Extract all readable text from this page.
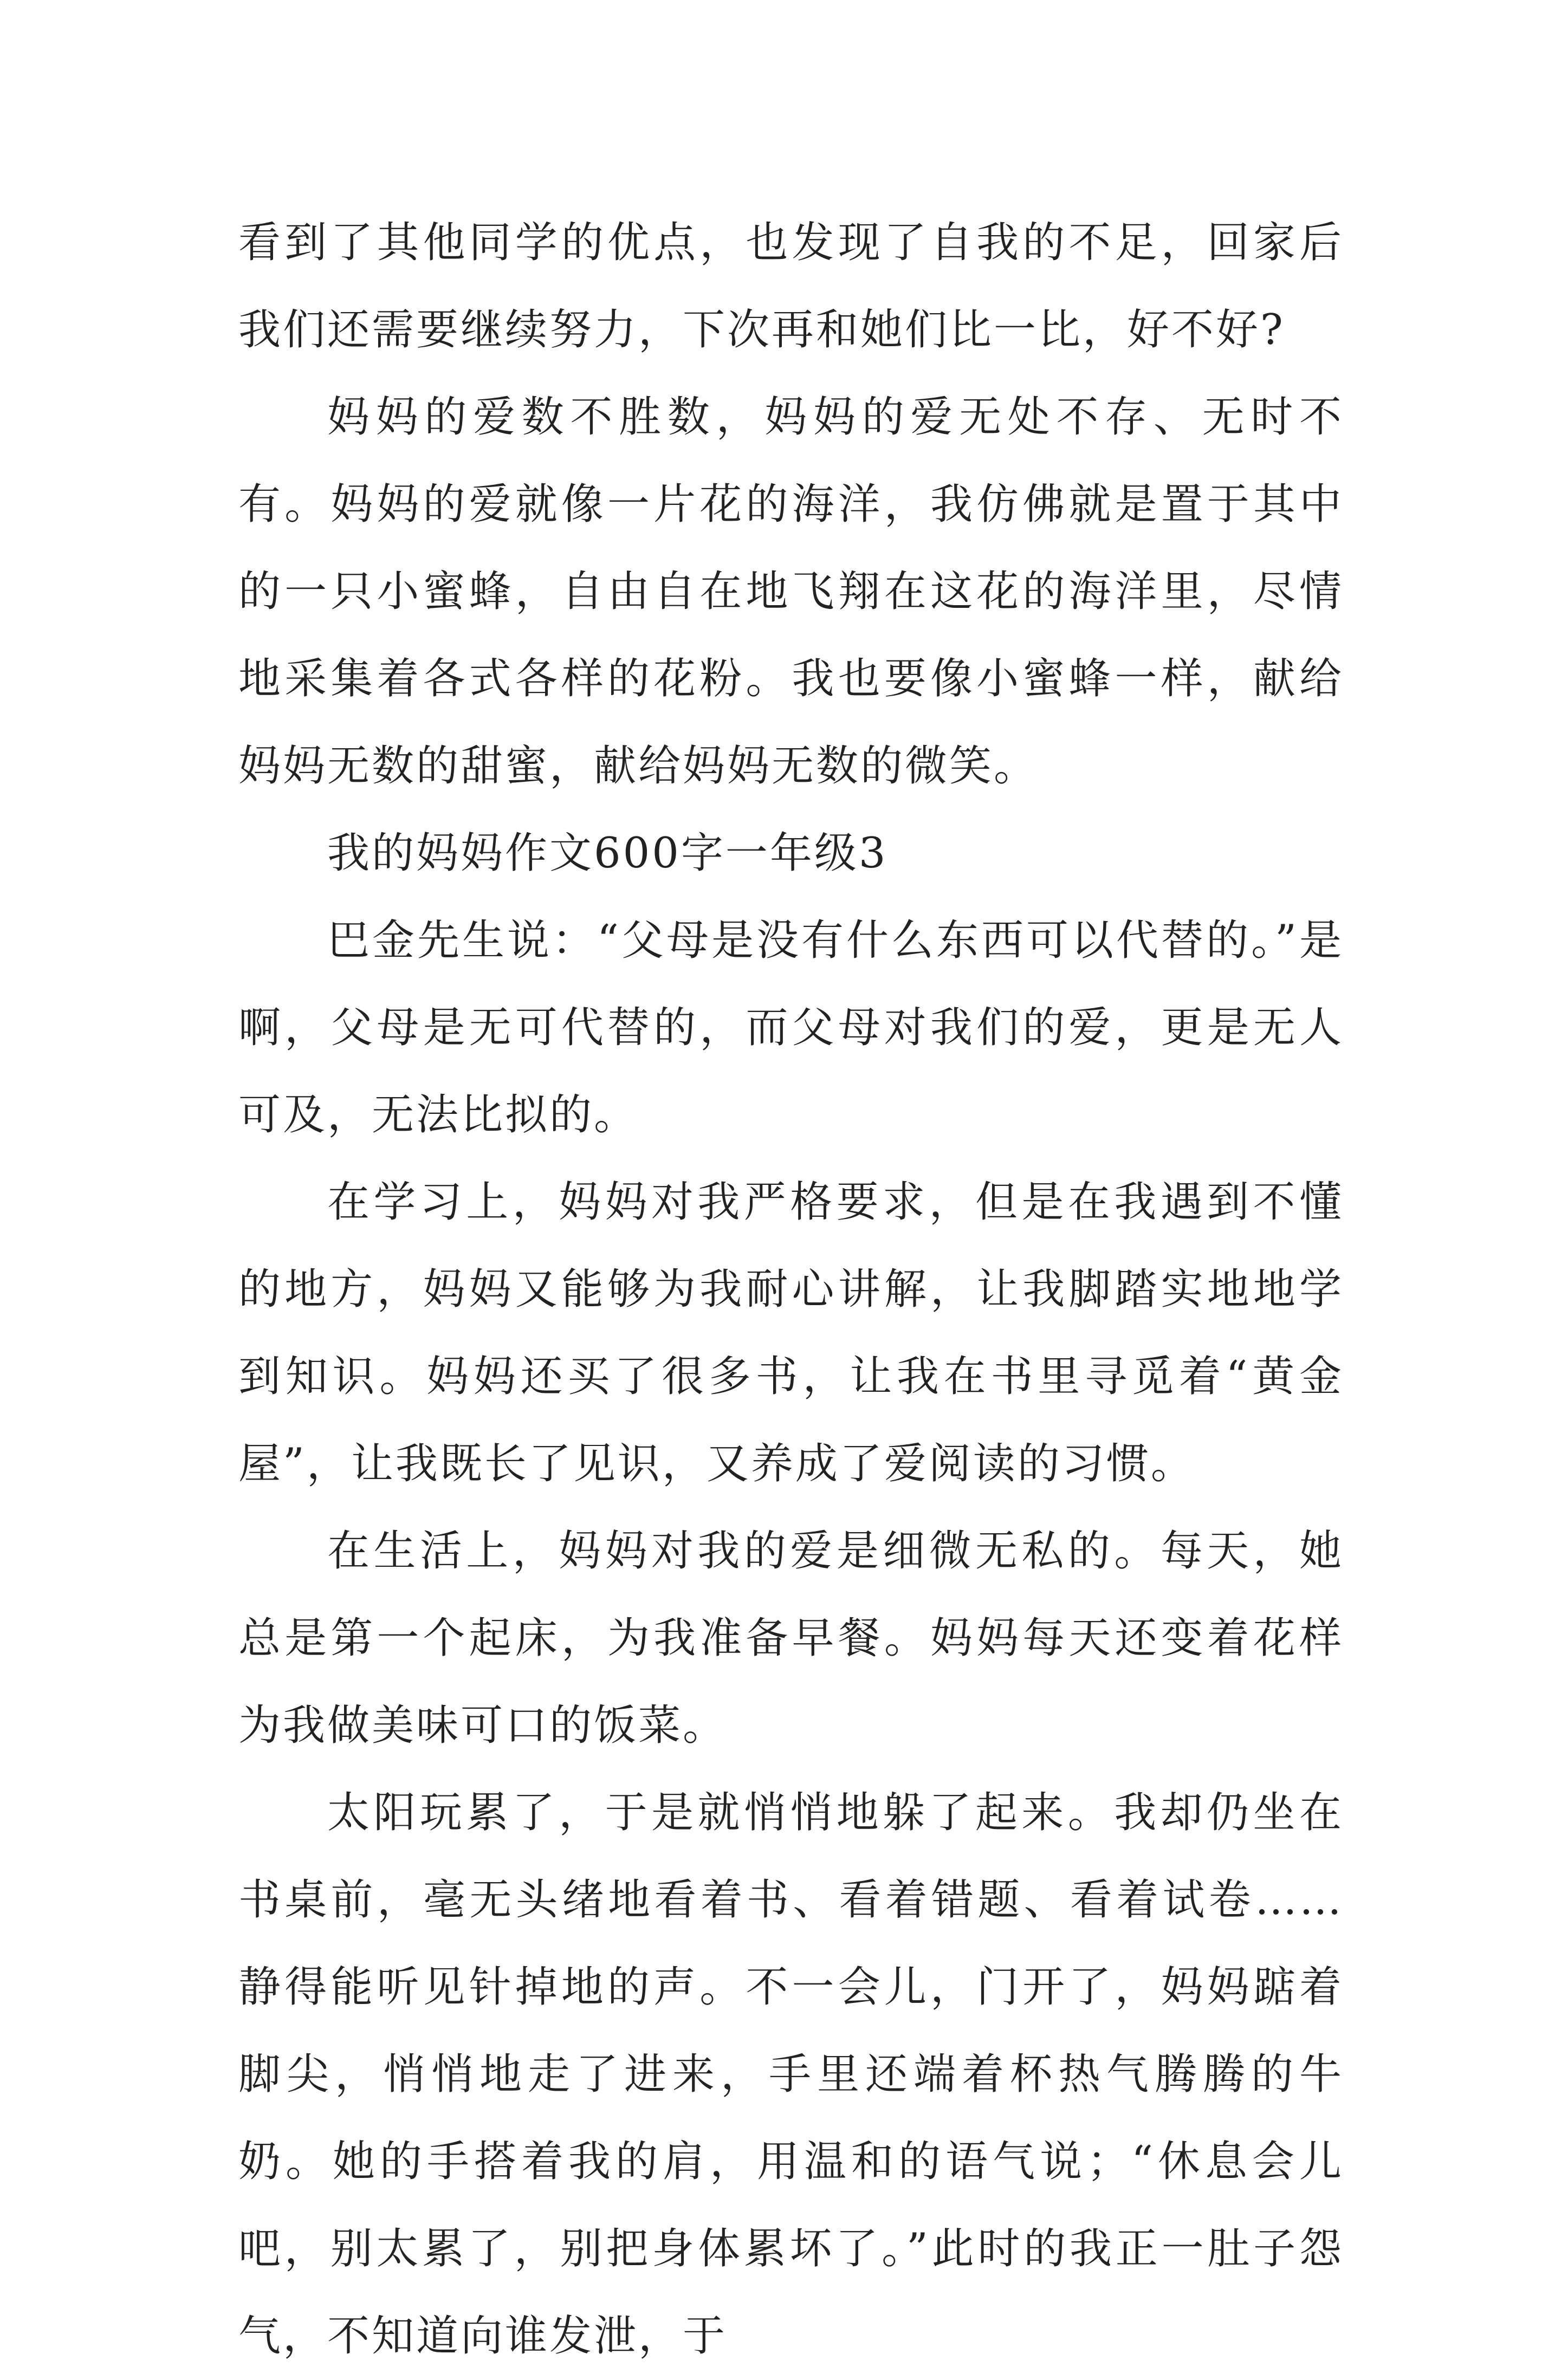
看到了其他同学的优点，也发现了自我的不足，回家后我们还需要继续努力，下次再和她们比一比，好不好?

妈妈的爱数不胜数，妈妈的爱无处不存、无时不有。妈妈的爱就像一片花的海洋，我仿佛就是置于其中的一只小蜜蜂，自由自在地飞翔在这花的海洋里，尽情地采集着各式各样的花粉。我也要像小蜜蜂一样，献给妈妈无数的甜蜜，献给妈妈无数的微笑。

我的妈妈作文600字一年级3

巴金先生说：“父母是没有什么东西可以代替的。”是啊，父母是无可代替的，而父母对我们的爱，更是无人可及，无法比拟的。

在学习上，妈妈对我严格要求，但是在我遇到不懂的地方，妈妈又能够为我耐心讲解，让我脚踏实地地学到知识。妈妈还买了很多书，让我在书里寻觅着“黄金屋”，让我既长了见识，又养成了爱阅读的习惯。

在生活上，妈妈对我的爱是细微无私的。每天，她总是第一个起床，为我准备早餐。妈妈每天还变着花样为我做美味可口的饭菜。

太阳玩累了，于是就悄悄地躲了起来。我却仍坐在书桌前，毫无头绪地看着书、看着错题、看着试卷……静得能听见针掉地的声。不一会儿，门开了，妈妈踮着脚尖，悄悄地走了进来，手里还端着杯热气腾腾的牛奶。她的手搭着我的肩，用温和的语气说；“休息会儿吧，别太累了，别把身体累坏了。”此时的我正一肚子怨气，不知道向谁发泄，于
